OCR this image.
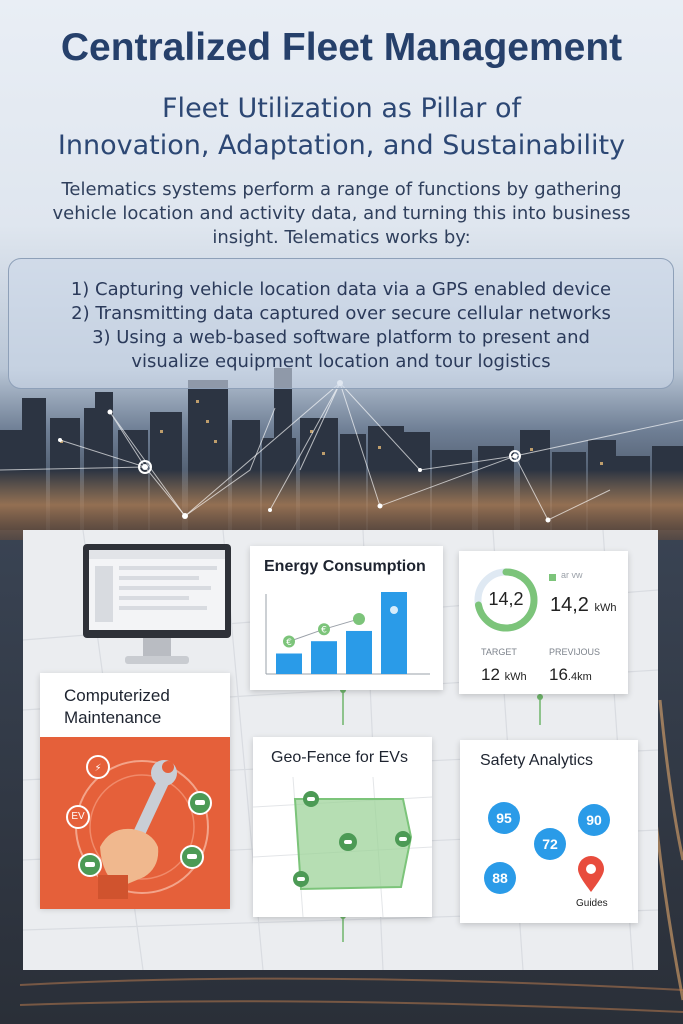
Centralized Fleet Management
Fleet Utilization as Pillar of
Innovation, Adaptation, and Sustainability
Telematics systems perform a range of functions by gathering
vehicle location and activity data, and turning this into business
insight. Telematics works by:
1) Capturing vehicle location data via a GPS enabled device
2) Transmitting data captured over secure cellular networks
3) Using a web-based software platform to present and
visualize equipment location and tour logistics
Energy Consumption
€
€
14,2
ar vw
14,2 kWh
TARGET	PREVIJOUS
12 kWh 16.4km
Computerized
Maintenance
⚡
EV
Geo-Fence for EVs	Safety Analytics
95	90
72
88
Guides
